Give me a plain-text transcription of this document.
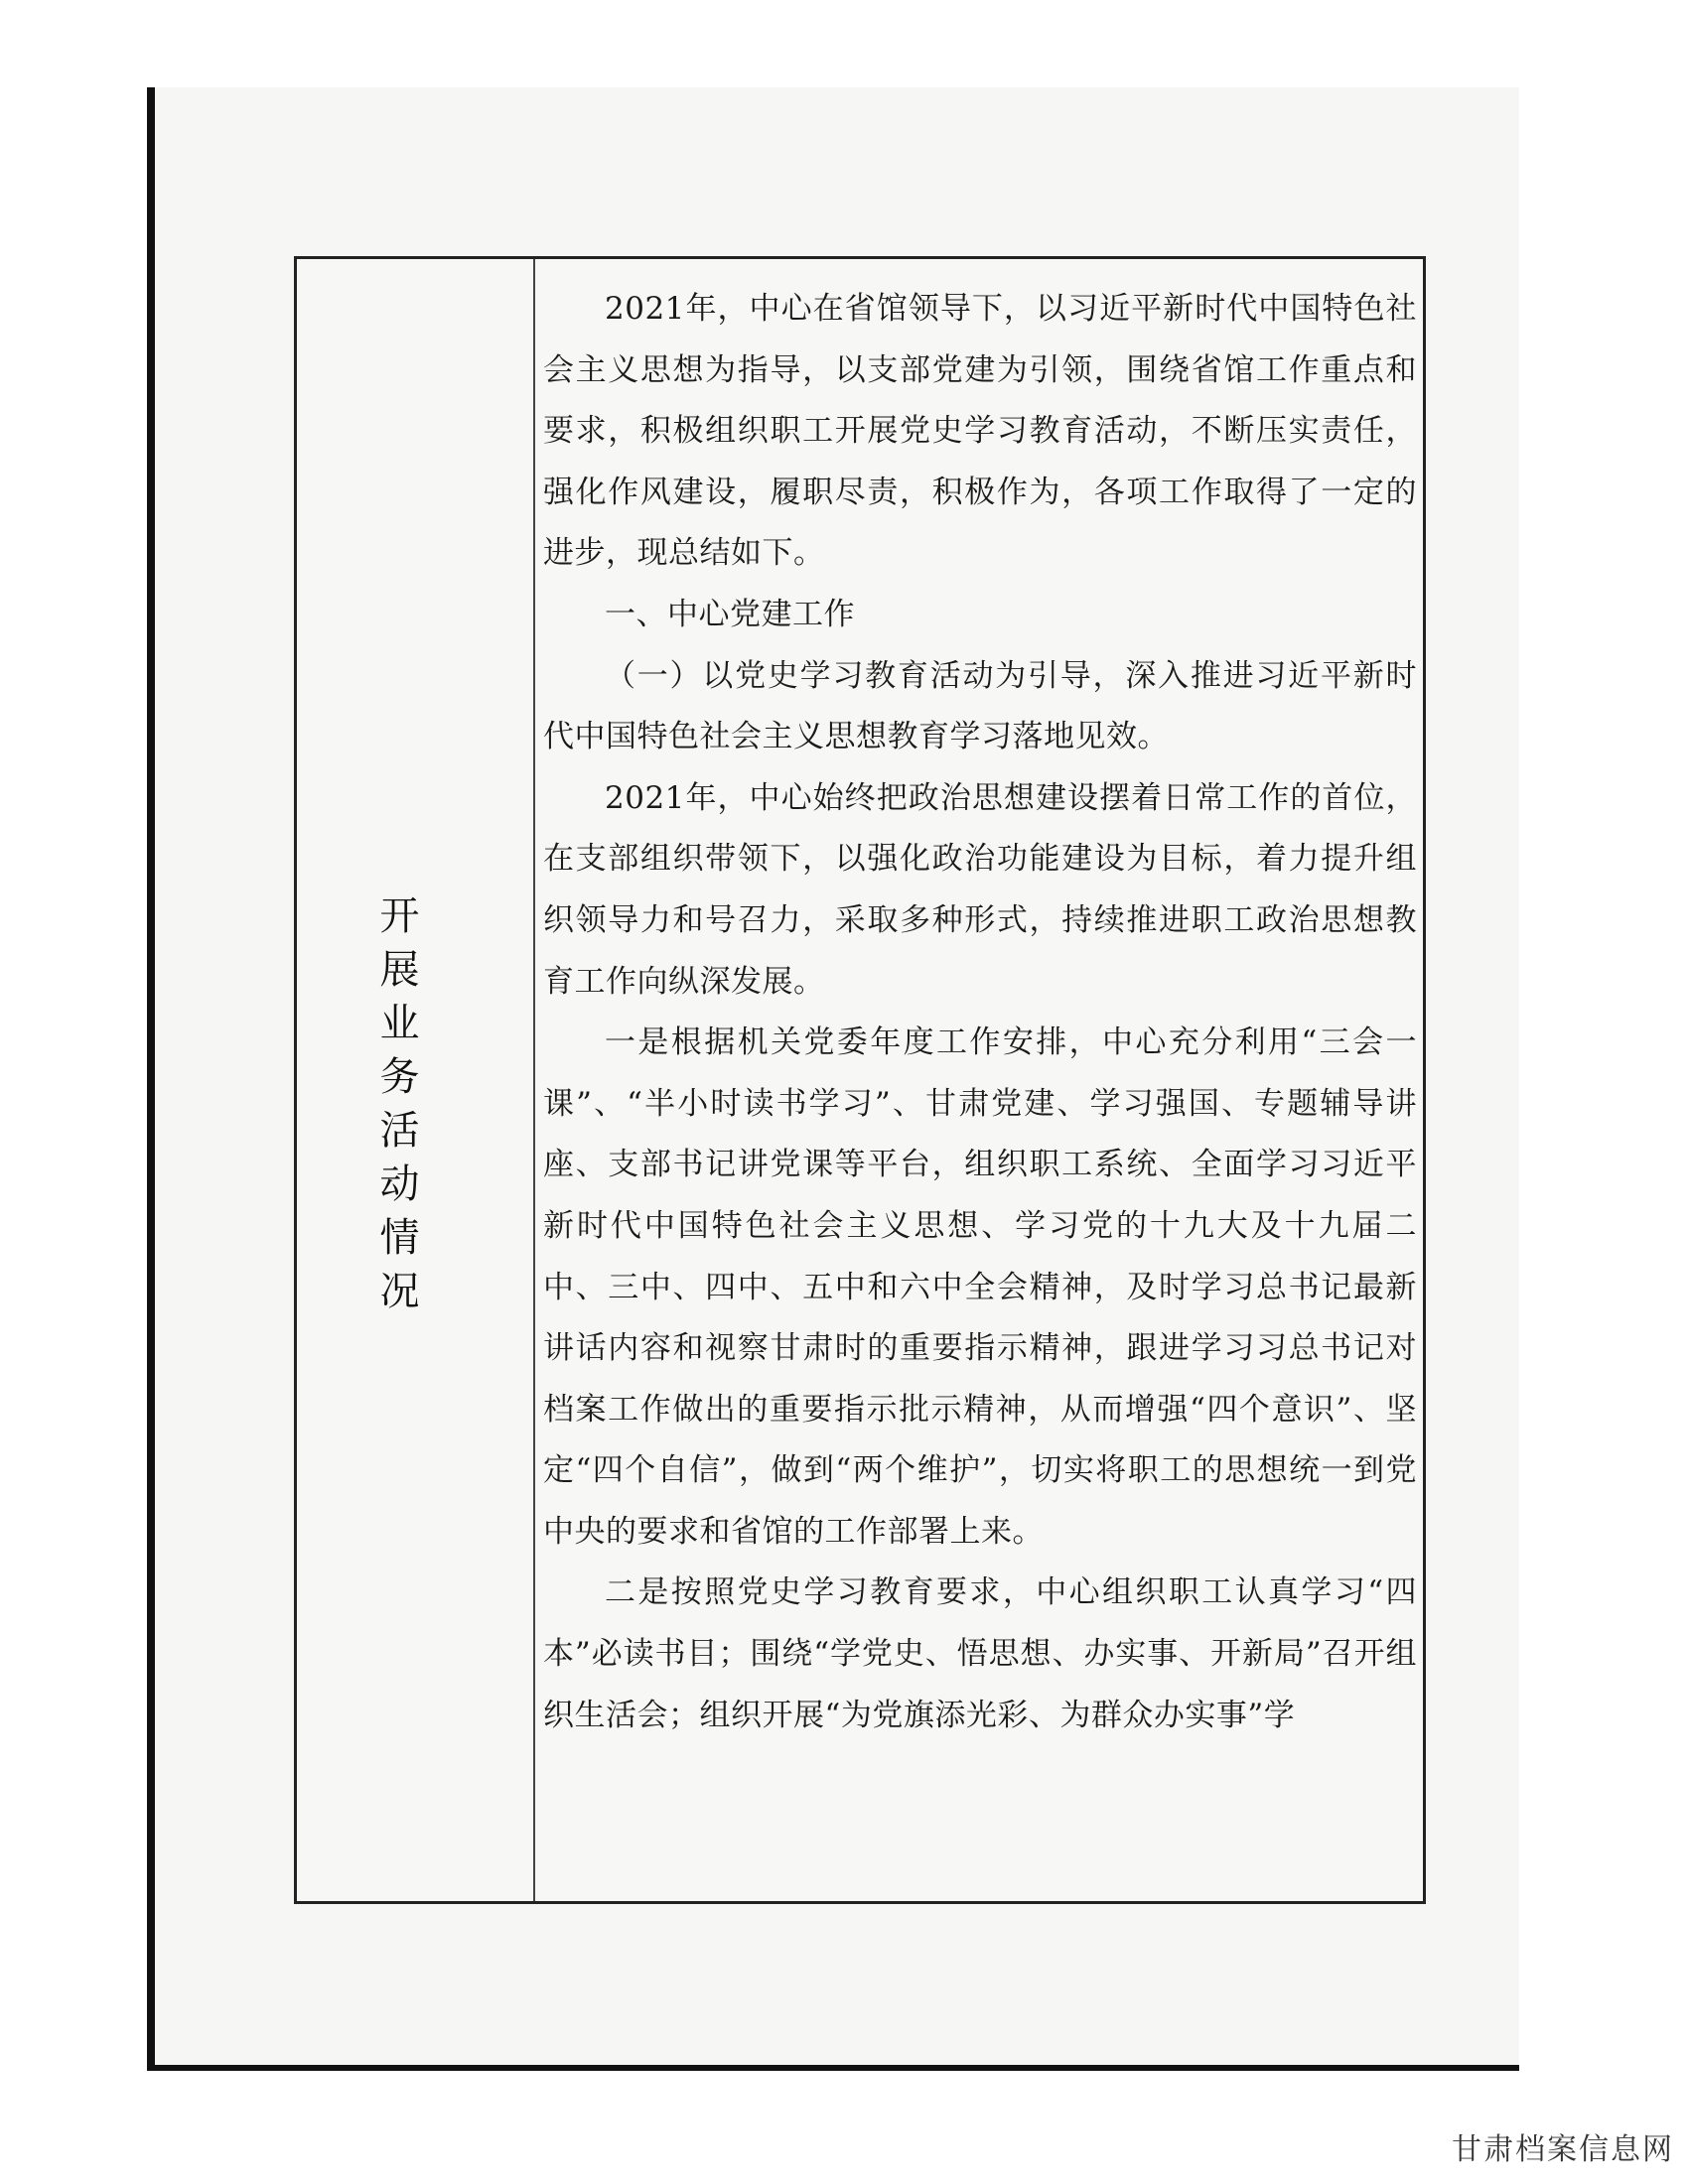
开展业务活动情况

2021年，中心在省馆领导下，以习近平新时代中国特色社会主义思想为指导，以支部党建为引领，围绕省馆工作重点和要求，积极组织职工开展党史学习教育活动，不断压实责任，强化作风建设，履职尽责，积极作为，各项工作取得了一定的进步，现总结如下。

一、中心党建工作

（一）以党史学习教育活动为引导，深入推进习近平新时代中国特色社会主义思想教育学习落地见效。

2021年，中心始终把政治思想建设摆着日常工作的首位，在支部组织带领下，以强化政治功能建设为目标，着力提升组织领导力和号召力，采取多种形式，持续推进职工政治思想教育工作向纵深发展。

一是根据机关党委年度工作安排，中心充分利用“三会一课”、“半小时读书学习”、甘肃党建、学习强国、专题辅导讲座、支部书记讲党课等平台，组织职工系统、全面学习习近平新时代中国特色社会主义思想、学习党的十九大及十九届二中、三中、四中、五中和六中全会精神，及时学习总书记最新讲话内容和视察甘肃时的重要指示精神，跟进学习习总书记对档案工作做出的重要指示批示精神，从而增强“四个意识”、坚定“四个自信”，做到“两个维护”，切实将职工的思想统一到党中央的要求和省馆的工作部署上来。

二是按照党史学习教育要求，中心组织职工认真学习“四本”必读书目；围绕“学党史、悟思想、办实事、开新局”召开组织生活会；组织开展“为党旗添光彩、为群众办实事”学

甘肃档案信息网
